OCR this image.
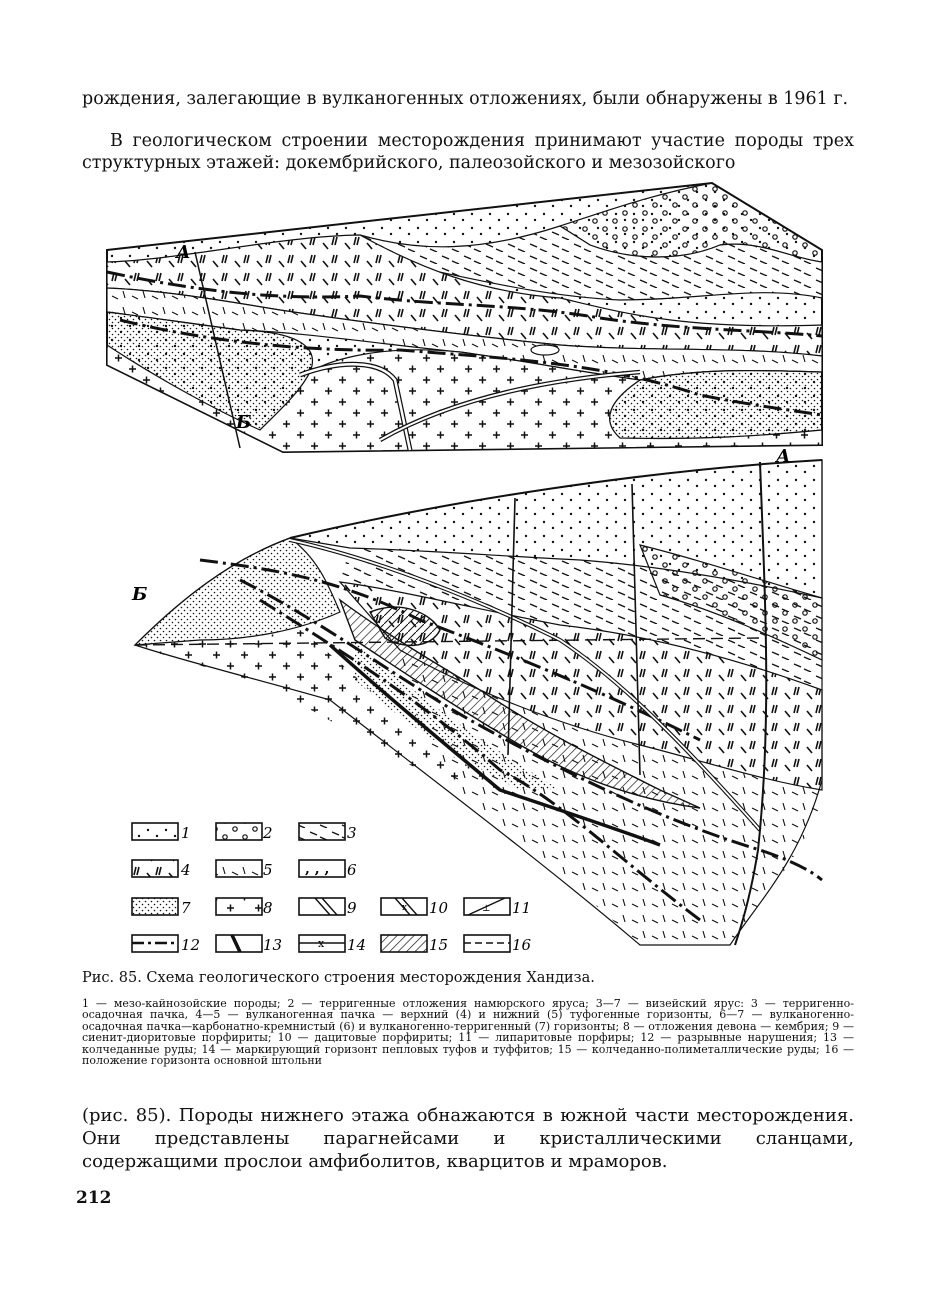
рождения, залегающие в вулканогенных отложениях, были обнаружены в 1961 г.

В геологическом строении месторождения принимают участие породы трех структурных этажей: докембрийского, палеозойского и мезозойского

А
Б
А
Б
1	2	3
4	5 , , , 6
7	8	9	x 10	⊥ 11
12	13	x 14	15	16

Рис. 85. Схема геологического строения месторождения Хандиза.

1 — мезо-кайнозойские породы; 2 — терригенные отложения намюрского яруса; 3—7 — визейский ярус: 3 — терригенно-осадочная пачка, 4—5 — вулканогенная пачка — верхний (4) и нижний (5) туфогенные горизонты, 6—7 — вулканогенно-осадочная пачка—карбонатно-кремнистый (6) и вулканогенно-терригенный (7) горизонты; 8 — отложения девона — кембрия; 9 — сиенит-диоритовые порфириты; 10 — дацитовые порфириты; 11 — липаритовые порфиры; 12 — разрывные нарушения; 13 — колчеданные руды; 14 — маркирующий горизонт пепловых туфов и туффитов; 15 — колчеданно-полиметаллические руды; 16 — положение горизонта основной штольни

(рис. 85). Породы нижнего этажа обнажаются в южной части месторождения. Они представлены парагнейсами и кристаллическими сланцами, содержащими прослои амфиболитов, кварцитов и мраморов.

212
